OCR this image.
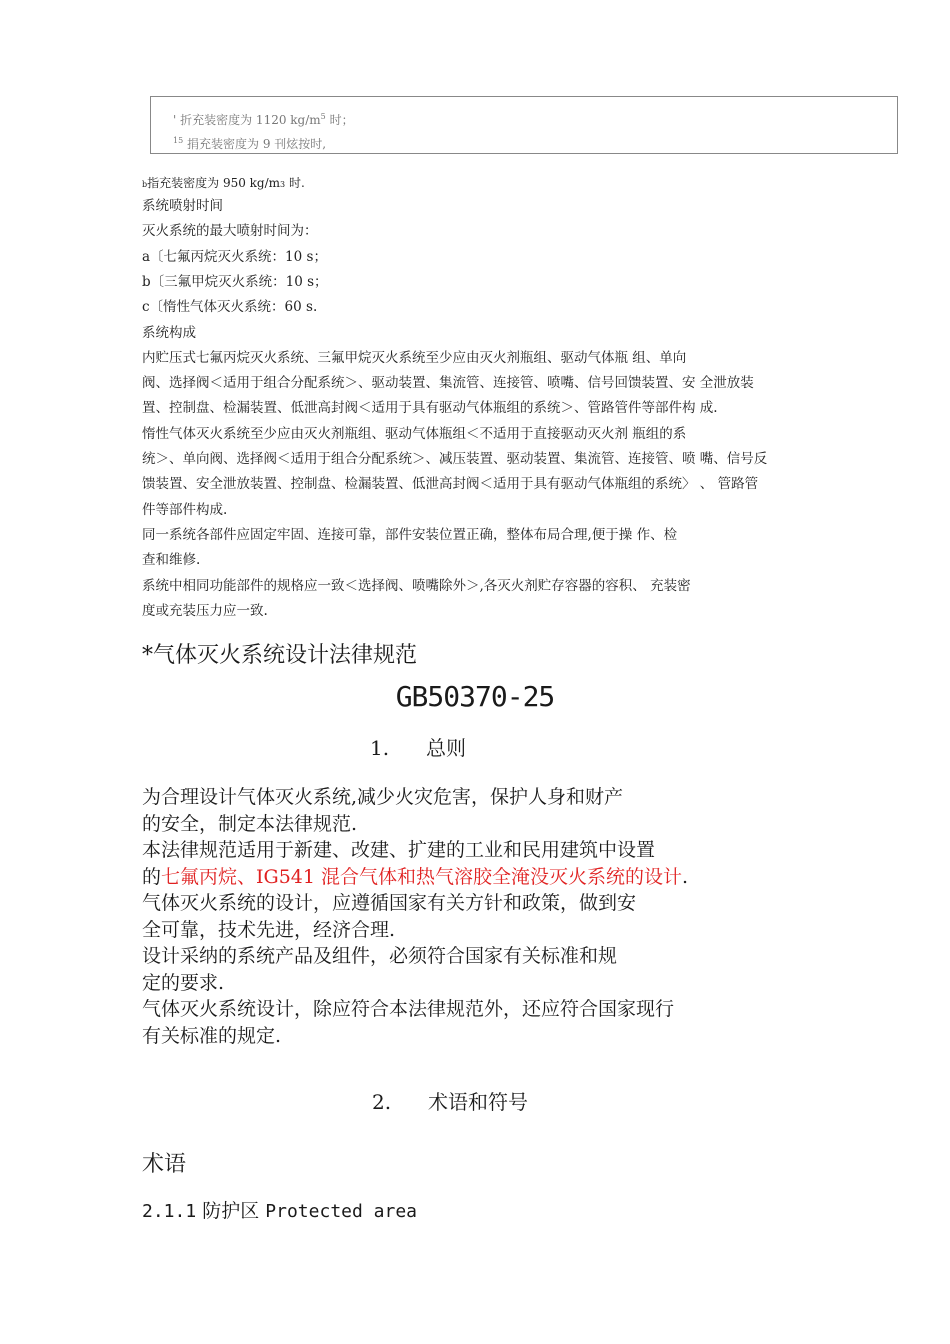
' 折充装密度为 1120 $kg/m^5$ 时；
$^{15}$ 捐充装密度为 9 刊炫按时,
b指充装密度为 950 kg/m3 时.
系统喷射时间
灭火系统的最大喷射时间为：
a〔七氟丙烷灭火系统：10 s；
b〔三氟甲烷灭火系统：10 s；
c〔惰性气体灭火系统：60 s.
系统构成
内贮压式七氟丙烷灭火系统、三氟甲烷灭火系统至少应由灭火剂瓶组、驱动气体瓶 组、单向
阀、选择阀＜适用于组合分配系统＞、驱动装置、集流管、连接管、喷嘴、信号回馈装置、安 全泄放装
置、控制盘、检漏装置、低泄高封阀＜适用于具有驱动气体瓶组的系统＞、管路管件等部件构 成.
惰性气体灭火系统至少应由灭火剂瓶组、驱动气体瓶组＜不适用于直接驱动灭火剂 瓶组的系
统＞、单向阀、选择阀＜适用于组合分配系统＞、减压装置、驱动装置、集流管、连接管、喷 嘴、信号反
馈装置、安全泄放装置、控制盘、检漏装置、低泄高封阀＜适用于具有驱动气体瓶组的系统〉 、 管路管
件等部件构成.
同一系统各部件应固定牢固、连接可靠，部件安装位置正确，整体布局合理,便于操 作、检
查和维修.
系统中相同功能部件的规格应一致＜选择阀、喷嘴除外＞,各灭火剂贮存容器的容积、 充装密
度或充装压力应一致.
*气体灭火系统设计法律规范
GB50370-25
1. 总则
为合理设计气体灭火系统,减少火灾危害，保护人身和财产
的安全，制定本法律规范.
本法律规范适用于新建、改建、扩建的工业和民用建筑中设置
的七氟丙烷、IG541 混合气体和热气溶胶全淹没灭火系统的设计.
气体灭火系统的设计，应遵循国家有关方针和政策，做到安
全可靠，技术先进，经济合理.
设计采纳的系统产品及组件，必须符合国家有关标准和规
定的要求.
气体灭火系统设计，除应符合本法律规范外，还应符合国家现行
有关标准的规定.
2. 术语和符号
术语
2.1.1 防护区 Protected area
